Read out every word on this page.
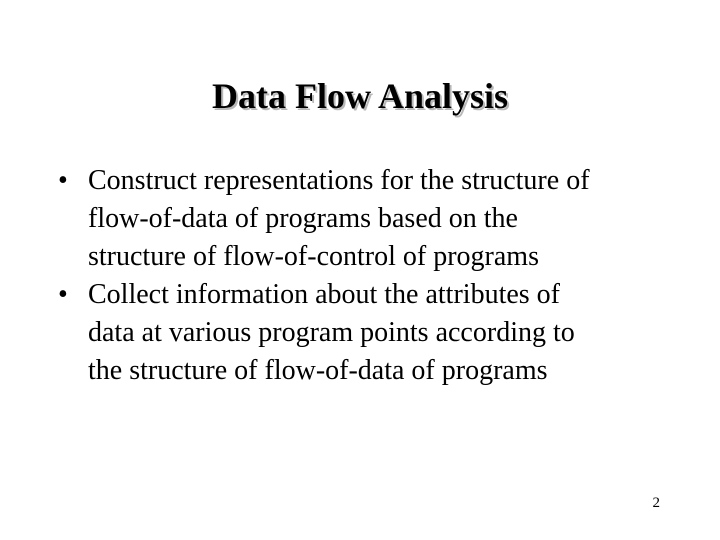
Data Flow Analysis
• Construct representations for the structure of
flow-of-data of programs based on the
structure of flow-of-control of programs
• Collect information about the attributes of
data at various program points according to
the structure of flow-of-data of programs
2
